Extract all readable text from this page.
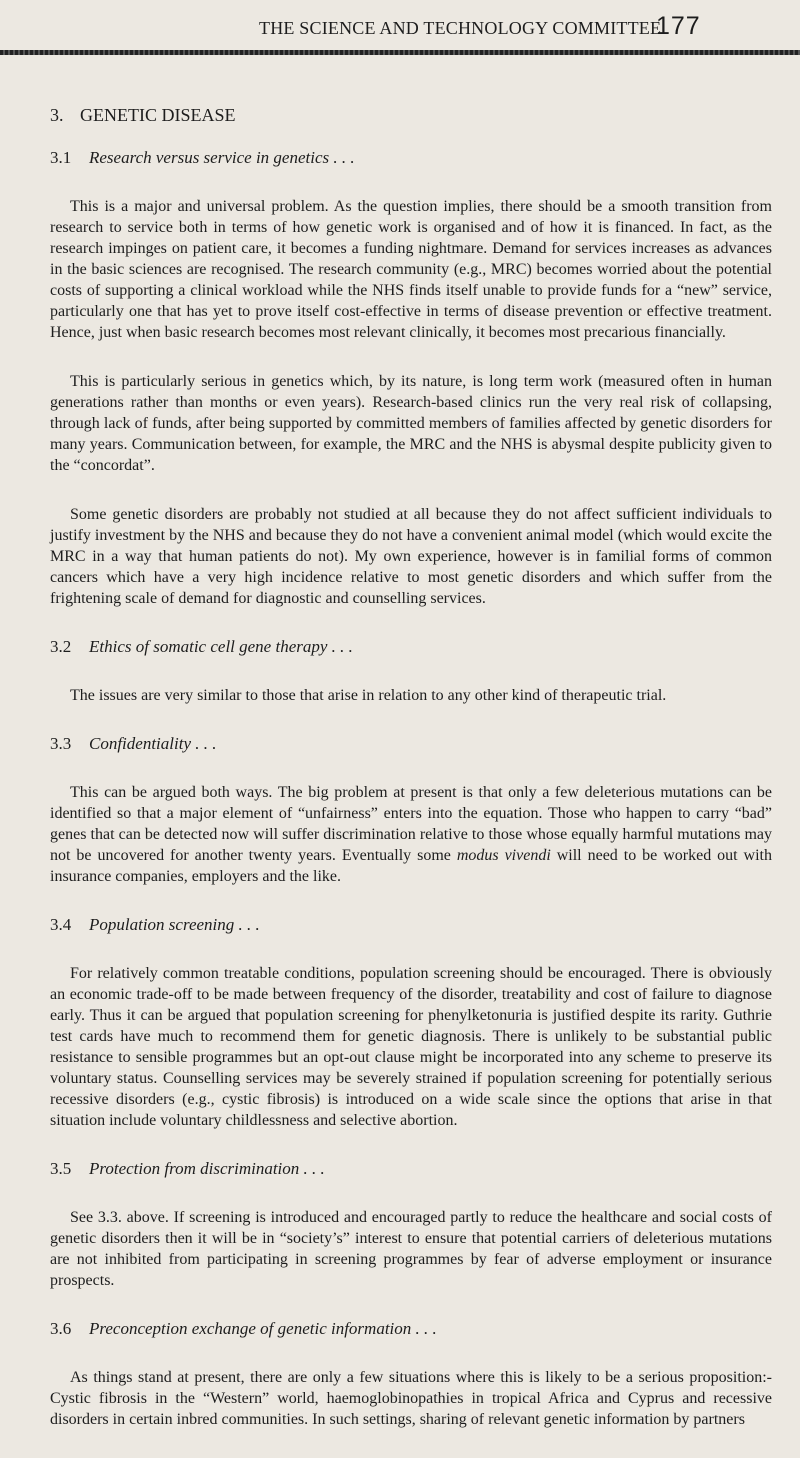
THE SCIENCE AND TECHNOLOGY COMMITTEE
177
3. GENETIC DISEASE
3.1 Research versus service in genetics . . .

This is a major and universal problem. As the question implies, there should be a smooth transition from research to service both in terms of how genetic work is organised and of how it is financed. In fact, as the research impinges on patient care, it becomes a funding nightmare. Demand for services increases as advances in the basic sciences are recognised. The research community (e.g., MRC) becomes worried about the potential costs of supporting a clinical workload while the NHS finds itself unable to provide funds for a “new” service, particularly one that has yet to prove itself cost-effective in terms of disease prevention or effective treatment. Hence, just when basic research becomes most relevant clinically, it becomes most precarious financially.

This is particularly serious in genetics which, by its nature, is long term work (measured often in human generations rather than months or even years). Research-based clinics run the very real risk of collapsing, through lack of funds, after being supported by committed members of families affected by genetic disorders for many years. Communication between, for example, the MRC and the NHS is abysmal despite publicity given to the “concordat”.

Some genetic disorders are probably not studied at all because they do not affect sufficient individuals to justify investment by the NHS and because they do not have a convenient animal model (which would excite the MRC in a way that human patients do not). My own experience, however is in familial forms of common cancers which have a very high incidence relative to most genetic disorders and which suffer from the frightening scale of demand for diagnostic and counselling services.

3.2 Ethics of somatic cell gene therapy . . .

The issues are very similar to those that arise in relation to any other kind of therapeutic trial.

3.3 Confidentiality . . .

This can be argued both ways. The big problem at present is that only a few deleterious mutations can be identified so that a major element of “unfairness” enters into the equation. Those who happen to carry “bad” genes that can be detected now will suffer discrimination relative to those whose equally harmful mutations may not be uncovered for another twenty years. Eventually some modus vivendi will need to be worked out with insurance companies, employers and the like.

3.4 Population screening . . .

For relatively common treatable conditions, population screening should be encouraged. There is obviously an economic trade-off to be made between frequency of the disorder, treatability and cost of failure to diagnose early. Thus it can be argued that population screening for phenylketonuria is justified despite its rarity. Guthrie test cards have much to recommend them for genetic diagnosis. There is unlikely to be substantial public resistance to sensible programmes but an opt-out clause might be incorporated into any scheme to preserve its voluntary status. Counselling services may be severely strained if population screening for potentially serious recessive disorders (e.g., cystic fibrosis) is introduced on a wide scale since the options that arise in that situation include voluntary childlessness and selective abortion.

3.5 Protection from discrimination . . .

See 3.3. above. If screening is introduced and encouraged partly to reduce the healthcare and social costs of genetic disorders then it will be in “society’s” interest to ensure that potential carriers of deleterious mutations are not inhibited from participating in screening programmes by fear of adverse employment or insurance prospects.

3.6 Preconception exchange of genetic information . . .

As things stand at present, there are only a few situations where this is likely to be a serious proposition:- Cystic fibrosis in the “Western” world, haemoglobinopathies in tropical Africa and Cyprus and recessive disorders in certain inbred communities. In such settings, sharing of relevant genetic information by partners
